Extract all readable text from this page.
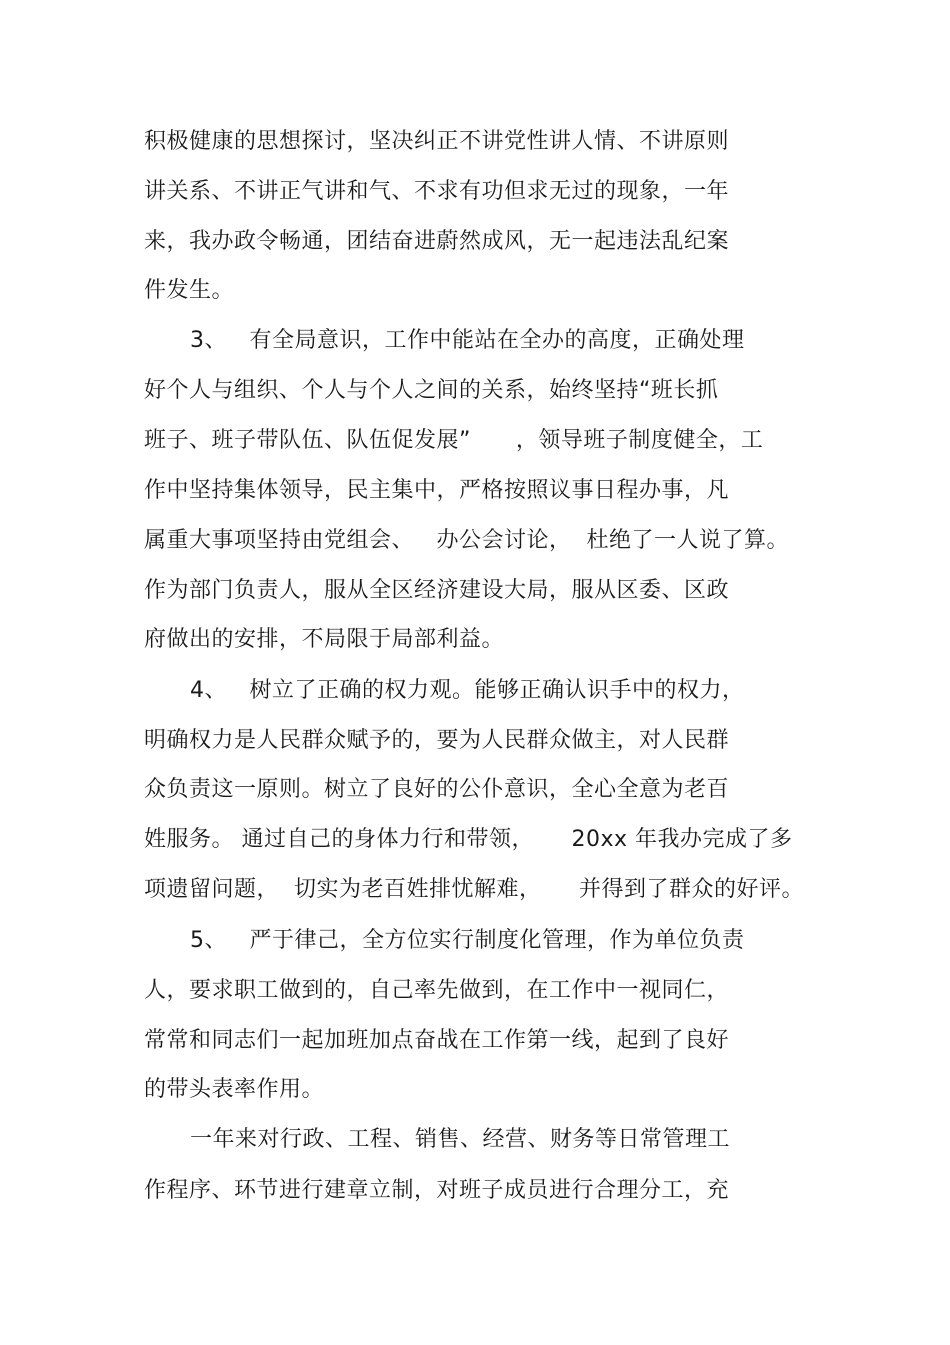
积极健康的思想探讨，坚决纠正不讲党性讲人情、不讲原则
讲关系、不讲正气讲和气、不求有功但求无过的现象，一年
来，我办政令畅通，团结奋进蔚然成风，无一起违法乱纪案
件发生。
3、   有全局意识，工作中能站在全办的高度，正确处理
好个人与组织、个人与个人之间的关系，始终坚持“班长抓
班子、班子带队伍、队伍促发展”      ，领导班子制度健全，工
作中坚持集体领导，民主集中，严格按照议事日程办事，凡
属重大事项坚持由党组会、   办公会讨论，  杜绝了一人说了算。
作为部门负责人，服从全区经济建设大局，服从区委、区政
府做出的安排，不局限于局部利益。
4、   树立了正确的权力观。能够正确认识手中的权力，
明确权力是人民群众赋予的，要为人民群众做主，对人民群
众负责这一原则。树立了良好的公仆意识，全心全意为老百
姓服务。 通过自己的身体力行和带领，     20xx 年我办完成了多
项遗留问题，  切实为老百姓排忧解难，     并得到了群众的好评。
5、   严于律己，全方位实行制度化管理，作为单位负责
人，要求职工做到的，自己率先做到，在工作中一视同仁，
常常和同志们一起加班加点奋战在工作第一线，起到了良好
的带头表率作用。
一年来对行政、工程、销售、经营、财务等日常管理工
作程序、环节进行建章立制，对班子成员进行合理分工，充
